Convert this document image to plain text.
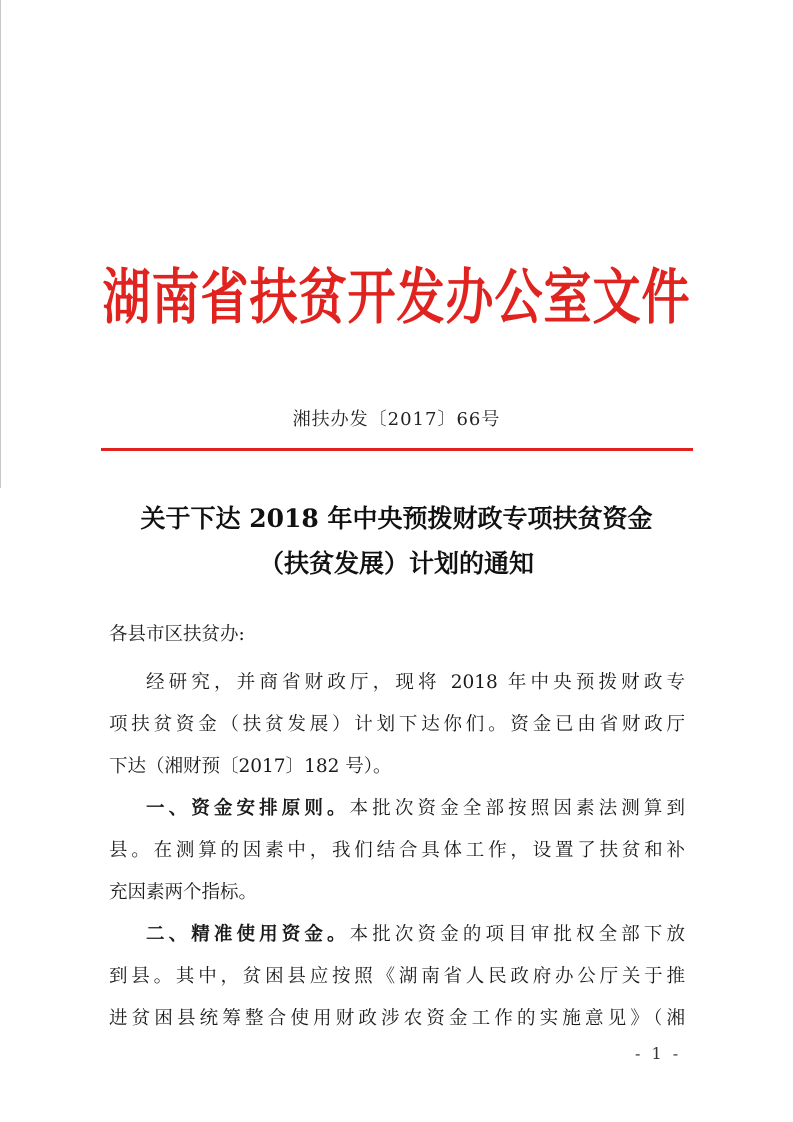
湖南省扶贫开发办公室文件
湘扶办发〔2017〕66号
关于下达 2018 年中央预拨财政专项扶贫资金
（扶贫发展）计划的通知
各县市区扶贫办:
经研究，并商省财政厅，现将 2018 年中央预拨财政专
项扶贫资金（扶贫发展）计划下达你们。资金已由省财政厅
下达（湘财预〔2017〕182 号）。
一、资金安排原则。本批次资金全部按照因素法测算到
县。在测算的因素中，我们结合具体工作，设置了扶贫和补
充因素两个指标。
二、精准使用资金。本批次资金的项目审批权全部下放
到县。其中，贫困县应按照《湖南省人民政府办公厅关于推
进贫困县统筹整合使用财政涉农资金工作的实施意见》（湘
- 1 -
